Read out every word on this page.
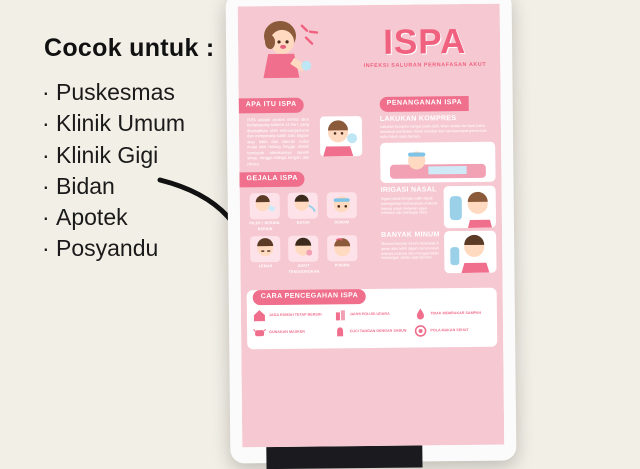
Cocok untuk :
· Puskesmas
· Klinik Umum
· Klinik Gigi
· Bidan
· Apotek
· Posyandu
ISPA
INFEKSI SALURAN PERNAFASAN AKUT
APA ITU ISPA
ISPA adalah proses infeksi akut berlangsung selama 14 hari, yang disebabkan oleh mikroorganisme dan menyerang salah satu bagian atau lebih dari saluran nafas mulai dari hidung hingga alveoli termasuk adneksanya seperti sinus, rongga telinga tengah dan pleura.
GEJALA ISPA
PILEK / BERSIN-BERSIN
BATUK	DEMAM
LEMAS	SAKIT TENGGOROKAN
PUSING
PENANGANAN ISPA
LAKUKAN KOMPRES
Lakukan kompres hangat pada dahi, leher, ketiak dan lipat paha membuat pembuluh darah melebar dan mempercepat penurunan suhu tubuh saat demam.
IRIGASI NASAL
Irigasi nasal dengan salin dapat meringankan kemampuan mukosa hidung untuk melawan agen infeksius dan berbagai iritan.
BANYAK MINUM
Memperbanyak minum sebanyak 8 gelas atau lebih dapat menurunkan adanya mukosa dan menggantikan kehilangan cairan saat demam.
CARA PENCEGAHAN ISPA
JAGA RUMAH TETAP BERSIH	JAUHI POLUSI UDARA	TIDAK MEMBAKAR SAMPAH
GUNAKAN MASKER	CUCI TANGAN DENGAN SABUN	POLA MAKAN SEHAT
